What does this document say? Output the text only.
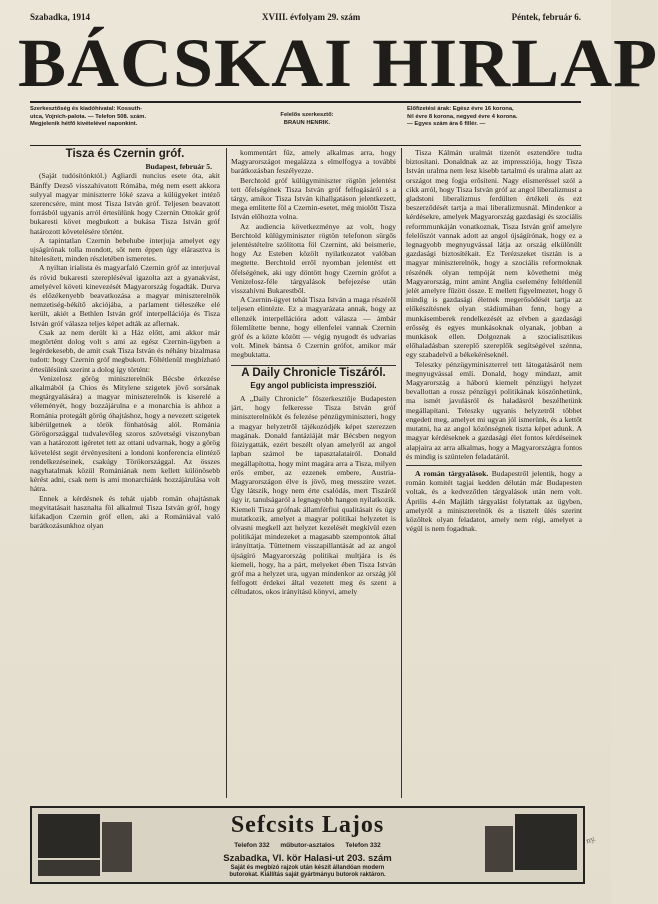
Szabadka, 1914	XVIII. évfolyam 29. szám	Péntek, február 6.
BÁCSKAI HIRLAP
Szerkesztőség és kiadóhivatal: Kossuth-
utca, Vojnich-palota. — Telefon 508. szám.
Megjelenik hétfő kivételével naponkint.
Felelős szerkesztő:
BRAUN HENRIK.
Előfizetési árak: Egész évre 16 korona,
fél évre 8 korona, negyed évre 4 korona.
— Egyes szám ára 6 fillér. —
Tisza és Czernin gróf.
Budapest, február 5.

(Saját tudósítónktól.) Agliardi nuncius esete óta, akit Bánffy Dezső visszahivatott Rómába, még nem esett akkora sulyyal magyar miniszterre lóké szava a külügyeket intéző szerencsére, mint most Tisza István gróf. Teljesen beavatott forrásból ugyanis arról értesülünk hogy Czernin Ottokár gróf bukaresti követ megbukott a bukása Tisza István gróf határozott követelésére történt.

A tapintatlan Czernin bebehube interjuja amelyet egy ujságírónak tolla mondott, sőt nem éppen úgy elárasztva is hitelesített, minden részletében ismeretes.

A nyiltan irialista és magyarfaló Czernin gróf az interjuval és róvid bukaresti szerepléséval igazolta azt a gyanakvást, amelyével követi kinevezését Magyarország fogadták. Durva és előzékenyebb beavatkozása a magyar miniszterelnök nemzetiség-békítő akciójába, a parlament tiéleszéke elé került, akiét a Bethlen István gróf interpellációja és Tisza István gróf válasza teljes képet adták az aflernak.

Csak az nem derült ki a Ház előtt, ami akkor már megtörtént dolog volt s ami az egész Czernin-ügyben a legérdekesebb, de amit csak Tisza István és néhány bizalmasa tudott: hogy Czernin gróf megbukott. Föltétlenül megbízható értesülésünk szerint a dolog így történt:

Venizelosz görög miniszterelnök Bécsbe érkezése alkalmából (a Chios és Mitylene szigetek jövő sorsának megtárgyalására) a magyar miniszterelnök is kiserelé a véleményét, hogy bozzájárulna e a monarchia is ahhoz a Románia protegált görög óhajtáshoz, hogy a nevezett szigetek kibérülgetnek a török fönhatóság alól. Románia Görögországgal tudvalevőleg szoros szövetségi viszonyban van a határozott igéretet tett az ottani udvarnak, hogy a görög követelést segit érvényesíteni a londoni konferencia elintéző rendelkezéseinek, csakúgy Törökországgal. Az összes nagyhatalmak közül Romániának nem kellett különösebb kérést adni, csak nem is ami monarchiánk hozzájárulása volt hátra.

Ennek a kérdésnek és tehát ujabb román ohajtásnak megvitatásait hasznalta föl alkalmul Tisza István gróf, hogy kifakadjon Czernin gróf ellen, aki a Romániával való barátkozásunkhoz olyan

kommentárt fűz, amely alkalmas arra, hogy Magyarországot megalázza s elmelfogya a további barátkozásban feszélyezze.

Berchtold gróf külügyminiszter rögtön jelentést tett őfelségének Tisza István gróf felfogásáról s a tárgy, amikor Tisza István kihallgatáson jelentkezett, mega emlitette föl a Czernin-esetet, még miolőtt Tisza István előhozta volna.

Az audiencia következménye az volt, hogy Berchtold külügyminiszter rögtön telefonon sürgős jelentéstételre szólította föl Czernint, aki beismerie, hogy Az Esteben közölt nyilatkozatot valóban megtette. Berchtold erről nyomban jelentést ett őfelségének, aki ugy döntött hogy Czernin grófot a Venizelosz-féle tárgyalások befejezése után visszahívni Bukarestből.

A Czernin-ügyet tehát Tisza István a maga részéről teljesen elintézte. Ez a magyarázata annak, hogy az ellenzék interpellációra adott válasza — ámbár fölemlítette benne, hogy ellenfelei vannak Czernin gróf és a közte között — végig nyugodt és udvarias volt. Minek bántsa ő Czernin grófot, amikor már megbuktatta.

A Daily Chronicle Tiszáról.
Egy angol publicista impressziói.

A „Daily Chronicle” főszerkesztője Budapesten járt, hogy felkeresse Tisza István gróf miniszterelnököt és felezése pénzügyminiszteri, hogy a magyar helyzetről tájékozódjék képet szerezzen magának. Donald fantáziáját már Bécsben negyon föiziygatták, ezért beszélt olyan amelyről az angol lapban számol be tapasztalatairól. Donald megállapította, hogy mint magára arra a Tisza, milyen erős ember, az ezzenek embere, Austria-Magyarországon élve is jövő, meg messzire vezet. Úgy látszik, hogy nem érte csalódás, mert Tiszáról úgy ir, tanulságaról a legnagyobb hangon nyilatkozik. Kiemeli Tisza grófnak államférfiui qualitásait és úgy mutatkozik, amelyet a magyar politikai helyzetet is olvasni megkell azt helyzet kezelését megkívül ezen politikájat mindezeket a magasabb szempontok által irányíttatja. Tüttetnem visszapillantását ad az angol újságíró Magyarország politikai multjára is és kiemeli, hogy, ha a párt, melyeket ében Tisza István gróf ma a helyzet ura, ugyan mindenkor az ország jól felfogott érdekei által vezetett meg és szent a céltudatos, okos irányítású könyvi, amely

Tisza Kálmán uralmát tizenöt esztendőre tudta biztosítani. Donaldnak az az impressziója, hogy Tisza István uralma nem lesz kisebb tartalmú és uralma alatt az országot meg fogja erősíteni. Nagy elismeréssel szól a cikk arról, hogy Tisza István gróf az angol liberalizmust a gladstoni liberalizmus ferdülten értékeli és ezt beszerződését tartja a mai liberalizmusnál. Mindenkor a kérdésekre, amelyek Magyarország gazdasági és szociális reformmunkáján vonatkoznak, Tisza István gróf amelyre felelőszót vannak adott az angol újságírónak, hogy ez a legnagyobb megnyugvással látja az ország elkülönült gazdasági biztosítékait. Ez Terézszeket tisztán is a magyar miniszterelnök, hogy a szociális reformoknak részénék olyan tempóját nem követhetni még Magyarország, mint amint Anglia cselemény feltétlenül jelét amelyre fűzött össze. E mellett figyelmeztet, hogy ő mindig is gazdasági életnek megerősödését tartja az előkészítésnek olyan stádiumában fenn, hogy a munkásemberek rendelkezését az elvben a gazdasági erősség és egyes munkásoknak olyanak, jobban a munkások ellen. Dolgoznak a szocialisztikus előhaladásban szereplő szereplők segítségével szénna, egy szabadelvű a békekéréseknél.

Teleszky pénzügyminiszterrel tett látogatásáról nem megnyugvással emlí. Donald, hogy mindazt, amit Magyarország a háború kiemelt pénzügyi helyzet bevallottan a rossz pénzügyi politikának köszönhetünk, ma ismét javulásról és haladásról beszélhetünk megállapítani. Teleszky ugyanis helyzetről többet engedett meg, amelyet mi ugyan jól ismerünk, és a kettőt mutatni, ha az angol közönségnek tiszta képet adunk. A magyar kérdéseknek a gazdasági élet fontos kérdéseinek alapjaira az arra alkalmas, hogy a Magyarországra fontos és mindig is szüntelen feladatáról.

A román tárgyalások. Budapestről jelentik, hogy a román komitét tagjai kedden délután már Budapesten voltak, és a kedvezőtlen tárgyalások után nem volt. Április 4-én Majláth tárgyalást folytattak az ügyben, amelyről a miniszterelnök és a tisztelt ülés szerint közöltek olyan feladatot, amely nem régi, amelyet a végül is nem fogadnak.

Sefcsits Lajos
Telefon 332 műbutor-asztalos Telefon 332
Szabadka, VI. kör Halasi-ut 203. szám
Saját és megbízó rajzok után készít állandóan modern
butorokat. Kiállítás saját gyártmányu butorok raktáron.
ny.
